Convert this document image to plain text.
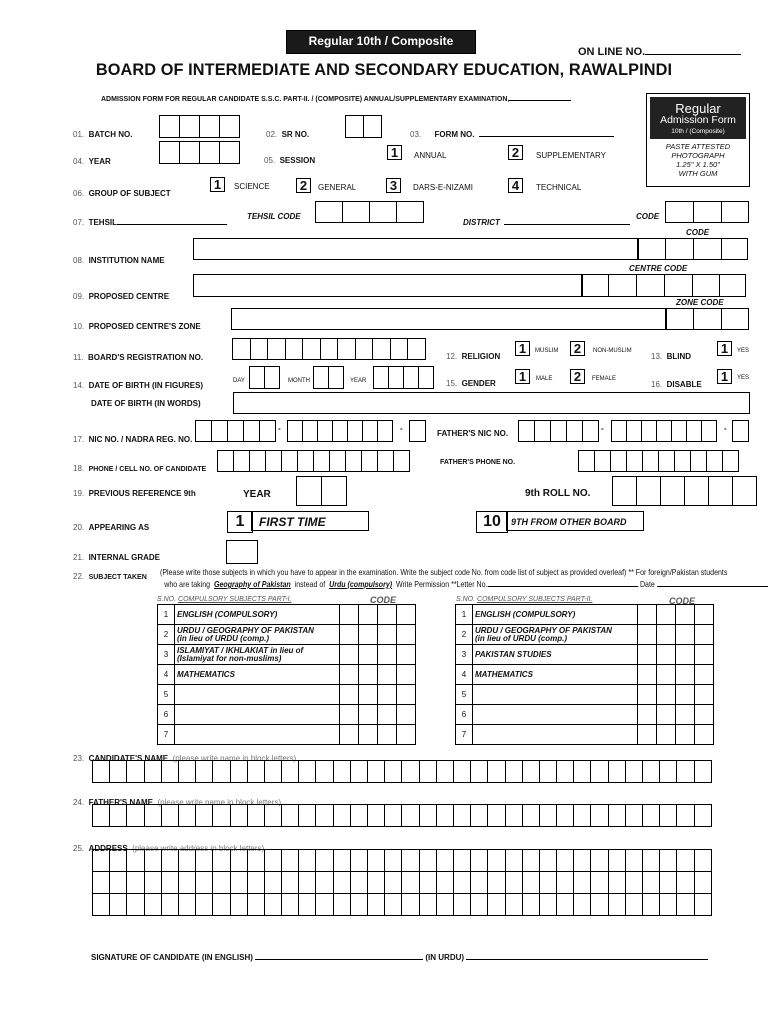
Regular 10th / Composite
ON LINE NO.
BOARD OF INTERMEDIATE AND SECONDARY EDUCATION, RAWALPINDI
ADMISSION FORM FOR REGULAR CANDIDATE S.S.C. PART-II. / (COMPOSITE) ANNUAL/SUPPLEMENTARY EXAMINATION,
Regular
Admission Form
10th / (Composite)
PASTE ATTESTED
PHOTOGRAPH
1.25" X 1.50"
WITH GUM
01. BATCH NO.	02. SR NO.	03. FORM NO.
04. YEAR	05. SESSION
1	ANNUAL	2	SUPPLEMENTARY
06. GROUP OF SUBJECT
1	SCIENCE 2	GENERAL	3	DARS-E-NIZAMI	4	TECHNICAL
07. TEHSIL
TEHSIL CODE
DISTRICT
CODE
CODE
08. INSTITUTION NAME
CENTRE CODE
09. PROPOSED CENTRE
ZONE CODE
10. PROPOSED CENTRE'S ZONE
11. BOARD'S REGISTRATION NO.	12. RELIGION
1	MUSLIM 2	NON-MUSLIM
13. BLIND
1	YES
14. DATE OF BIRTH (IN FIGURES)	DAY	MONTH	YEAR	15. GENDER 1	MALE 2	FEMALE
16. DISABLE
1	YES
DATE OF BIRTH (IN WORDS)
17. NIC NO. / NADRA REG. NO.
-	-
FATHER'S NIC NO.
-	-
18. PHONE / CELL NO. OF CANDIDATE
FATHER'S PHONE NO.
19. PREVIOUS REFERENCE 9th	YEAR	9th ROLL NO.
20. APPEARING AS	1	FIRST TIME	10	9TH FROM OTHER BOARD
21. INTERNAL GRADE
22. SUBJECT TAKEN
(Please write those subjects in which you have to appear in the examination. Write the subject code No. from code list of subject as provided overleaf) ** For foreign/Pakistan students
who are taking Geography of Pakistan instead of Urdu (compulsory) Write Permission **Letter No.	Date
S.NO. COMPULSORY SUBJECTS PART-I.	CODE	S.NO. COMPULSORY SUBJECTS PART-II.	CODE
1	ENGLISH (COMPULSORY)				

2	URDU / GEOGRAPHY OF PAKISTAN
(in lieu of URDU (comp.)				

3	ISLAMIYAT / IKHLAKIAT in lieu of
(Islamiyat for non-muslims)				

4	MATHEMATICS				

5	

6	

7	

1	ENGLISH (COMPULSORY)				

2	URDU / GEOGRAPHY OF PAKISTAN
(in lieu of URDU (comp.)				

3	PAKISTAN STUDIES				

4	MATHEMATICS				

5	

6	

7	

23. CANDIDATE'S NAME (please write name in block letters)
24. FATHER'S NAME (please write name in block letters)
25. ADDRESS (please write address in block letters)
SIGNATURE OF CANDIDATE (IN ENGLISH)	(IN URDU)
